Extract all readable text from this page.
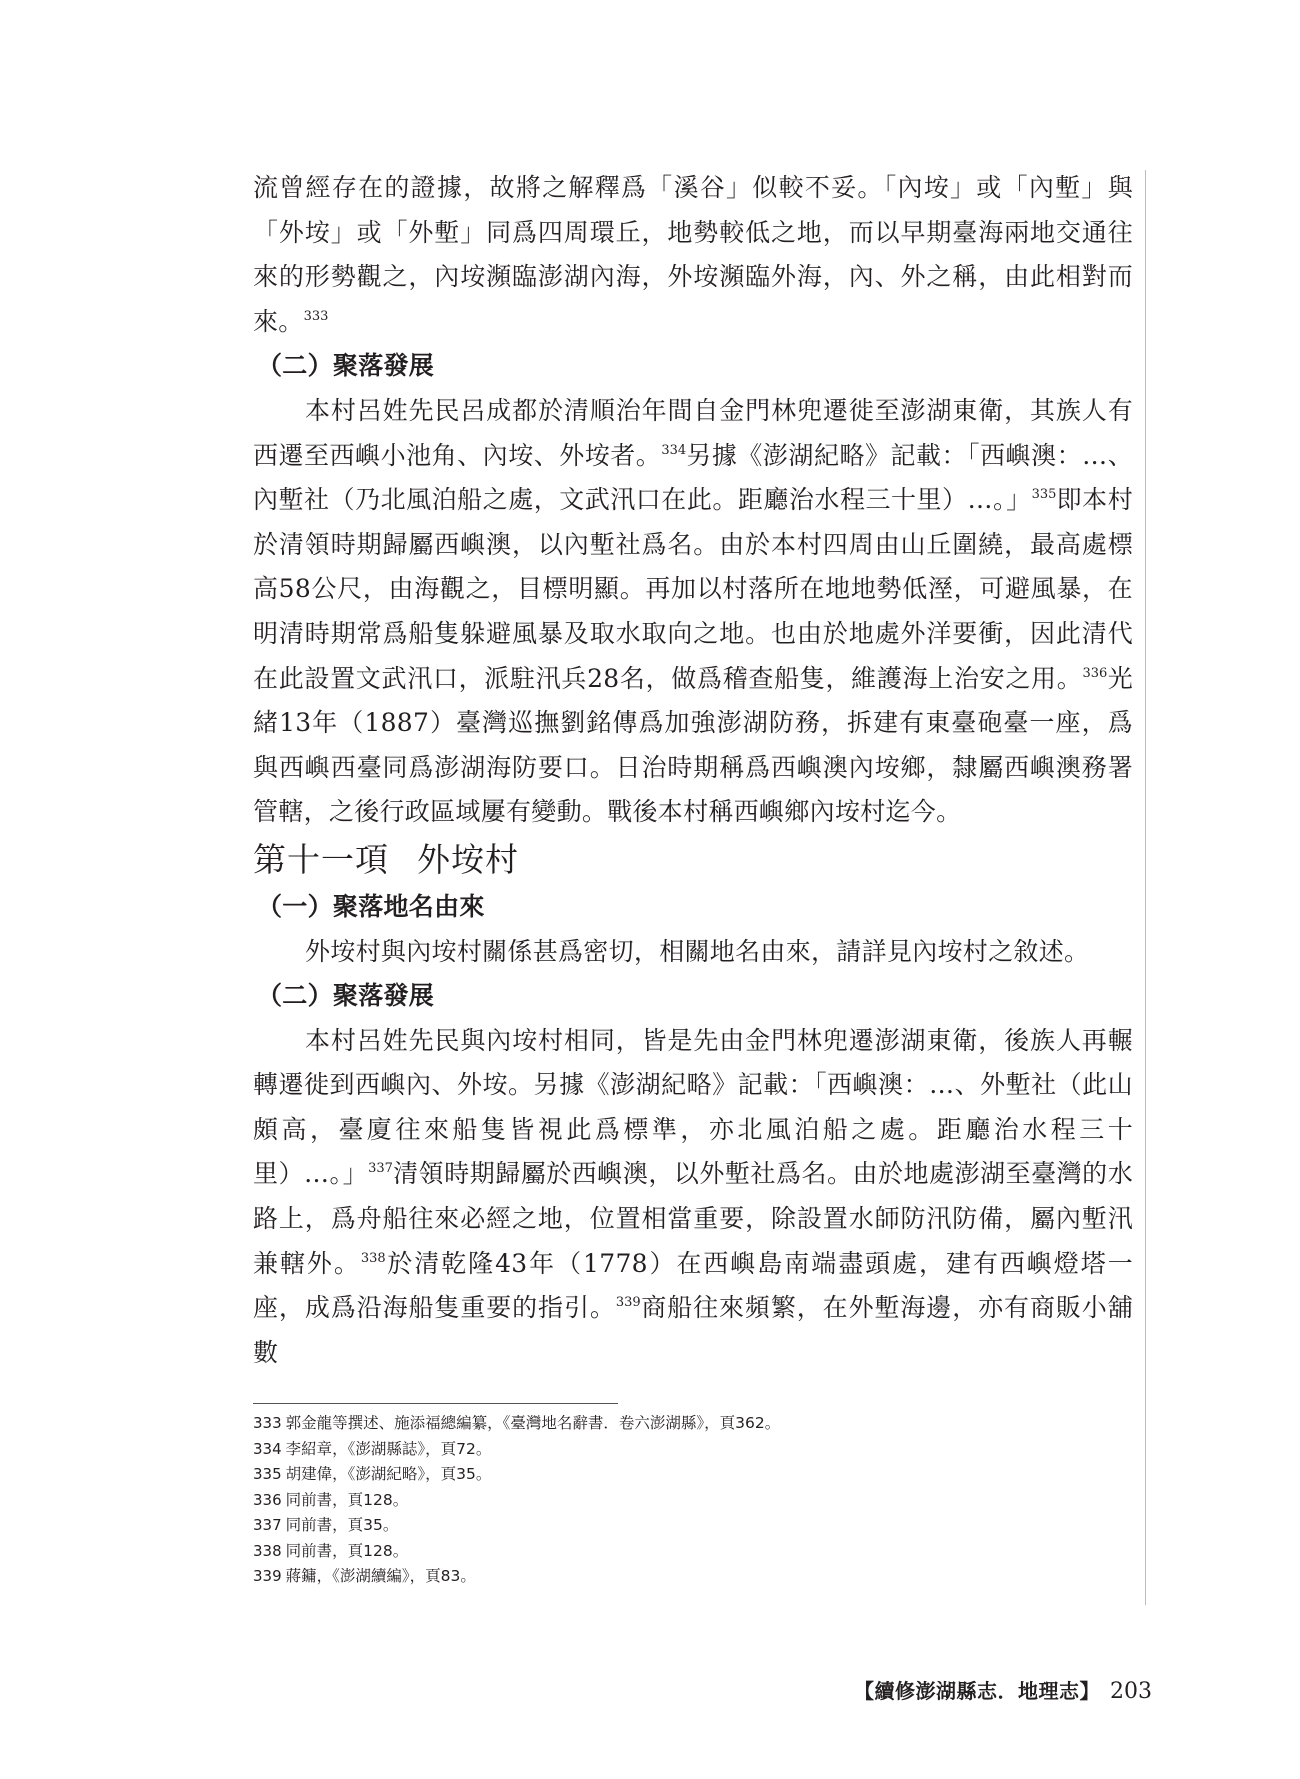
流曾經存在的證據，故將之解釋爲「溪谷」似較不妥。「內垵」或「內塹」與「外垵」或「外塹」同爲四周環丘，地勢較低之地，而以早期臺海兩地交通往來的形勢觀之，內垵瀕臨澎湖內海，外垵瀕臨外海，內、外之稱，由此相對而來。$^{333}$

（二）聚落發展

本村呂姓先民呂成都於清順治年間自金門林兜遷徙至澎湖東衛，其族人有西遷至西嶼小池角、內垵、外垵者。$^{334}$另據《澎湖紀略》記載：「西嶼澳：…、內塹社（乃北風泊船之處，文武汛口在此。距廳治水程三十里）…。」$^{335}$即本村於清領時期歸屬西嶼澳，以內塹社爲名。由於本村四周由山丘圍繞，最高處標高58公尺，由海觀之，目標明顯。再加以村落所在地地勢低溼，可避風暴，在明清時期常爲船隻躲避風暴及取水取向之地。也由於地處外洋要衝，因此清代在此設置文武汛口，派駐汛兵28名，做爲稽查船隻，維護海上治安之用。$^{336}$光緒13年（1887）臺灣巡撫劉銘傳爲加強澎湖防務，拆建有東臺砲臺一座，爲與西嶼西臺同爲澎湖海防要口。日治時期稱爲西嶼澳內垵鄉，隸屬西嶼澳務署管轄，之後行政區域屢有變動。戰後本村稱西嶼鄉內垵村迄今。

第十一項 外垵村

（一）聚落地名由來

外垵村與內垵村關係甚爲密切，相關地名由來，請詳見內垵村之敘述。

（二）聚落發展

本村呂姓先民與內垵村相同，皆是先由金門林兜遷澎湖東衛，後族人再輾轉遷徙到西嶼內、外垵。另據《澎湖紀略》記載：「西嶼澳：…、外塹社（此山頗高，臺廈往來船隻皆視此爲標準，亦北風泊船之處。距廳治水程三十里）…。」$^{337}$清領時期歸屬於西嶼澳，以外塹社爲名。由於地處澎湖至臺灣的水路上，爲舟船往來必經之地，位置相當重要，除設置水師防汛防備，屬內塹汛兼轄外。$^{338}$於清乾隆43年（1778）在西嶼島南端盡頭處，建有西嶼燈塔一座，成爲沿海船隻重要的指引。$^{339}$商船往來頻繁，在外塹海邊，亦有商販小舖數

333 郭金龍等撰述、施添福總編纂，《臺灣地名辭書．卷六澎湖縣》，頁362。
334 李紹章，《澎湖縣誌》，頁72。
335 胡建偉，《澎湖紀略》，頁35。
336 同前書，頁128。
337 同前書，頁35。
338 同前書，頁128。
339 蔣鏞，《澎湖續編》，頁83。
【續修澎湖縣志．地理志】 203
